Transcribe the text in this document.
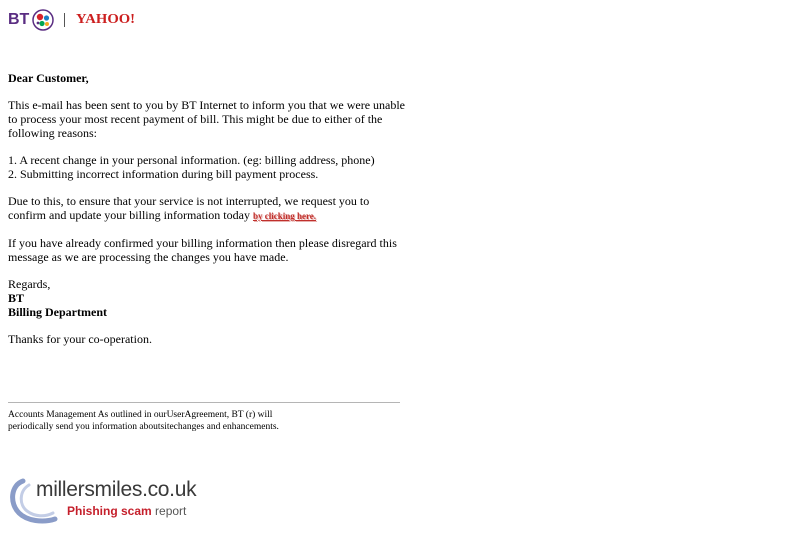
BT	YAHOO!

Dear Customer,

This e-mail has been sent to you by BT Internet to inform you that we were unable to process your most recent payment of bill. This might be due to either of the following reasons:

1. A recent change in your personal information. (eg: billing address, phone)
2. Submitting incorrect information during bill payment process.

Due to this, to ensure that your service is not interrupted, we request you to confirm and update your billing information today by clicking here.

If you have already confirmed your billing information then please disregard this message as we are processing the changes you have made.

Regards,
BT
Billing Department

Thanks for your co-operation.

Accounts Management As outlined in ourUserAgreement, BT (r) will
periodically send you information aboutsitechanges and enhancements.
millersmiles.co.uk
Phishing scam report
